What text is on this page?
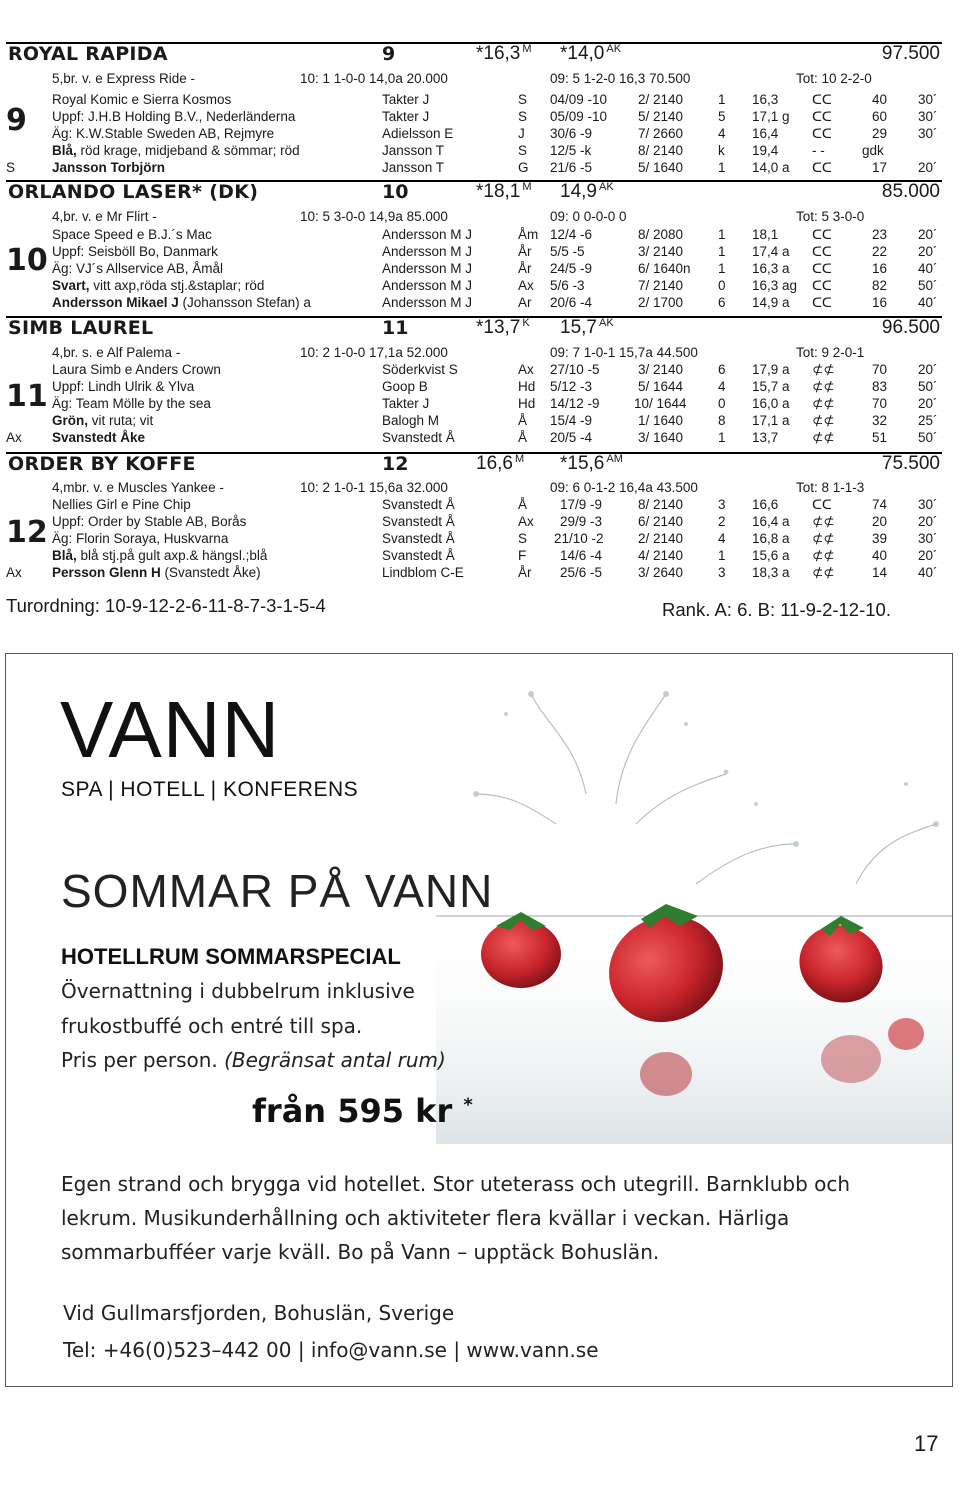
ROYAL RAPIDA	9	*16,3 $^M$ *14,0 $^{AK}$	97.500
9
5,br. v. e Express Ride -	10: 1 1-0-0 14,0a 20.000	09: 5 1-2-0 16,3 70.500	Tot: 10 2-2-0
Royal Komic e Sierra Kosmos	Takter J	S 04/09 -10 2/ 2140	1 16,3 ᑕᑕ	40 30´
Uppf: J.H.B Holding B.V., Nederländerna	Takter J	S 05/09 -10 5/ 2140	5 17,1 g ᑕᑕ	60 30´
Äg: K.W.Stable Sweden AB, Rejmyre	Adielsson E	J 30/6 -9	7/ 2660	4 16,4 ᑕᑕ	29 30´
Blå, röd krage, midjeband & sömmar; röd	Jansson T	S 12/5 -k	8/ 2140	k 19,4 - -	gdk
S	Jansson Torbjörn	Jansson T	G 21/6 -5	5/ 1640	1 14,0 a ᑕᑕ	17 20´
ORLANDO LASER* (DK)	10	*18,1 $^M$ 14,9 $^{AK}$	85.000
10
4,br. v. e Mr Flirt -	10: 5 3-0-0 14,9a 85.000	09: 0 0-0-0 0	Tot: 5 3-0-0
Space Speed e B.J.´s Mac	Andersson M J	Åm 12/4 -6	8/ 2080	1 18,1 ᑕᑕ	23 20´
Uppf: Seisböll Bo, Danmark	Andersson M J	År 5/5 -5	3/ 2140	1 17,4 a ᑕᑕ	22 20´
Äg: VJ´s Allservice AB, Åmål	Andersson M J	År 24/5 -9	6/ 1640n 1 16,3 a ᑕᑕ	16 40´
Svart, vitt axp,röda stj.&staplar; röd	Andersson M J	Ax 5/6 -3	7/ 2140	0 16,3 ag ᑕᑕ	82 50´
Andersson Mikael J (Johansson Stefan) a	Andersson M J	Ar 20/6 -4	2/ 1700	6 14,9 a ᑕᑕ	16 40´
SIMB LAUREL	11	*13,7 $^K$ 15,7 $^{AK}$	96.500
11
4,br. s. e Alf Palema -	10: 2 1-0-0 17,1a 52.000	09: 7 1-0-1 15,7a 44.500	Tot: 9 2-0-1
Laura Simb e Anders Crown	Söderkvist S	Ax 27/10 -5	3/ 2140	6 17,9 a ⊄⊄	70 20´
Uppf: Lindh Ulrik & Ylva	Goop B	Hd 5/12 -3	5/ 1644	4 15,7 a ⊄⊄	83 50´
Äg: Team Mölle by the sea	Takter J	Hd 14/12 -9	10/ 1644 0 16,0 a ⊄⊄	70 20´
Grön, vit ruta; vit	Balogh M	Å 15/4 -9	1/ 1640	8 17,1 a ⊄⊄	32 25´
Ax Svanstedt Åke	Svanstedt Å	Å 20/5 -4	3/ 1640	1 13,7 ⊄⊄	51 50´
ORDER BY KOFFE	12	16,6 $^M$ *15,6 $^{AM}$	75.500
12
4,mbr. v. e Muscles Yankee -	10: 2 1-0-1 15,6a 32.000	09: 6 0-1-2 16,4a 43.500	Tot: 8 1-1-3
Nellies Girl e Pine Chip	Svanstedt Å	Å 17/9 -9	8/ 2140	3 16,6 ᑕᑕ	74 30´
Uppf: Order by Stable AB, Borås	Svanstedt Å	Ax 29/9 -3	6/ 2140	2 16,4 a ⊄⊄	20 20´
Äg: Florin Soraya, Huskvarna	Svanstedt Å	S 21/10 -2	2/ 2140	4 16,8 a ⊄⊄	39 30´
Blå, blå stj.på gult axp.& hängsl.;blå	Svanstedt Å	F	14/6 -4	4/ 2140	1 15,6 a ⊄⊄	40 20´
Ax Persson Glenn H (Svanstedt Åke)	Lindblom C-E	År 25/6 -5	3/ 2640	3 18,3 a ⊄⊄	14 40´
Turordning: 10-9-12-2-6-11-8-7-3-1-5-4	Rank. A: 6. B: 11-9-2-12-10.
VANN
SPA | HOTELL | KONFERENS
SOMMAR PÅ VANN
HOTELLRUM SOMMARSPECIAL
Övernattning i dubbelrum inklusive
frukostbuffé och entré till spa.
Pris per person. (Begränsat antal rum)
från 595 kr *
Egen strand och brygga vid hotellet. Stor uteterass och utegrill. Barnklubb och lekrum. Musikunderhållning och aktiviteter flera kvällar i veckan. Härliga sommarbufféer varje kväll. Bo på Vann – upptäck Bohuslän.
Vid Gullmarsfjorden, Bohuslän, Sverige
Tel: +46(0)523–442 00 | info@vann.se | www.vann.se
17
